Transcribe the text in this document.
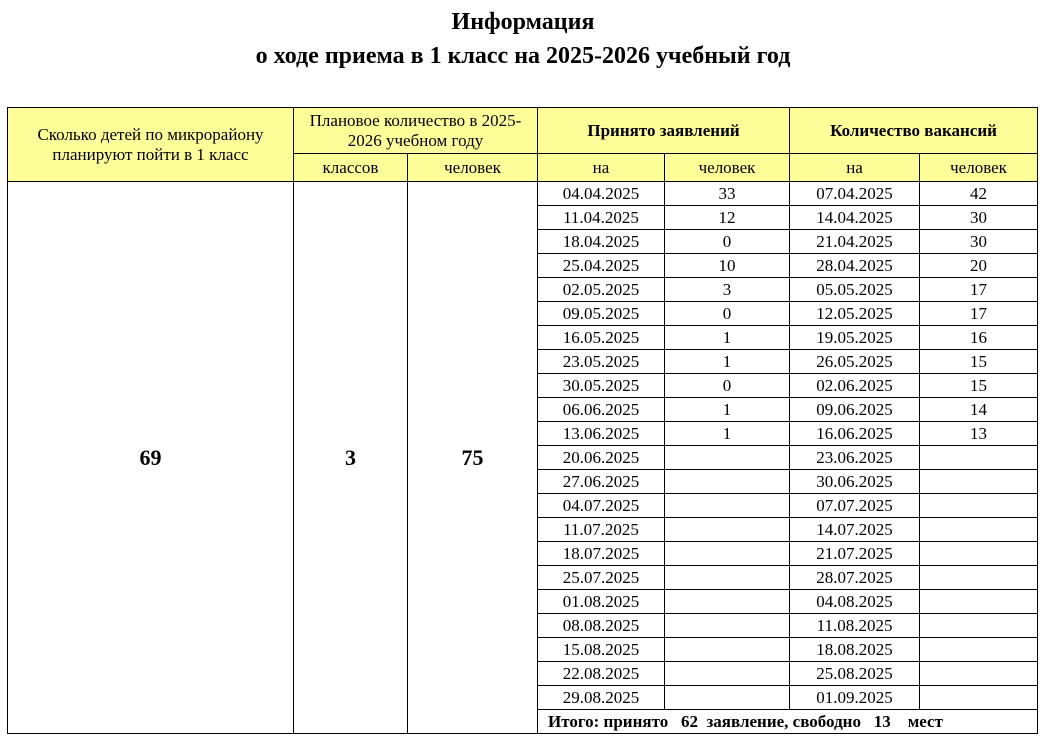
Информация
о ходе приема в 1 класс на 2025-2026 учебный год
Сколько детей по микрорайону планируют пойти в 1 класс	Плановое количество в 2025-2026 учебном году		Принято заявлений		Количество вакансий	
	классов	человек	на	человек	на	человек
69	3	75	04.04.2025	33	07.04.2025	42
			11.04.2025	12	14.04.2025	30
			18.04.2025	0	21.04.2025	30
			25.04.2025	10	28.04.2025	20
			02.05.2025	3	05.05.2025	17
			09.05.2025	0	12.05.2025	17
			16.05.2025	1	19.05.2025	16
			23.05.2025	1	26.05.2025	15
			30.05.2025	0	02.06.2025	15
			06.06.2025	1	09.06.2025	14
			13.06.2025	1	16.06.2025	13
			20.06.2025		23.06.2025	
			27.06.2025		30.06.2025	
			04.07.2025		07.07.2025	
			11.07.2025		14.07.2025	
			18.07.2025		21.07.2025	
			25.07.2025		28.07.2025	
			01.08.2025		04.08.2025	
			08.08.2025		11.08.2025	
			15.08.2025		18.08.2025	
			22.08.2025		25.08.2025	
			29.08.2025		01.09.2025	
			Итого: принято   62  заявление, свободно   13    мест			
